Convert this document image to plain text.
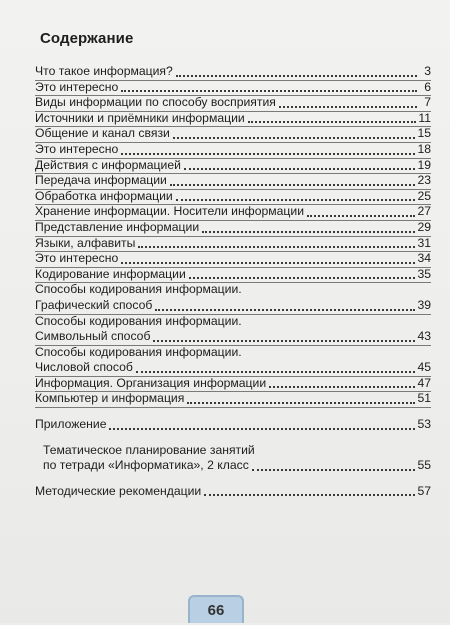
Содержание
Что такое информация?	3
Это интересно	6
Виды информации по способу восприятия	7
Источники и приёмники информации	11
Общение и канал связи	15
Это интересно	18
Действия с информацией	19
Передача информации	23
Обработка информации	25
Хранение информации. Носители информации	27
Представление информации	29
Языки, алфавиты	31
Это интересно	34
Кодирование информации	35
Способы кодирования информации.
Графический способ	39
Способы кодирования информации.
Символьный способ	43
Способы кодирования информации.
Числовой способ	45
Информация. Организация информации	47
Компьютер и информация	51
Приложение	53
Тематическое планирование занятий
по тетради «Информатика», 2 класс	55
Методические рекомендации	57
66
